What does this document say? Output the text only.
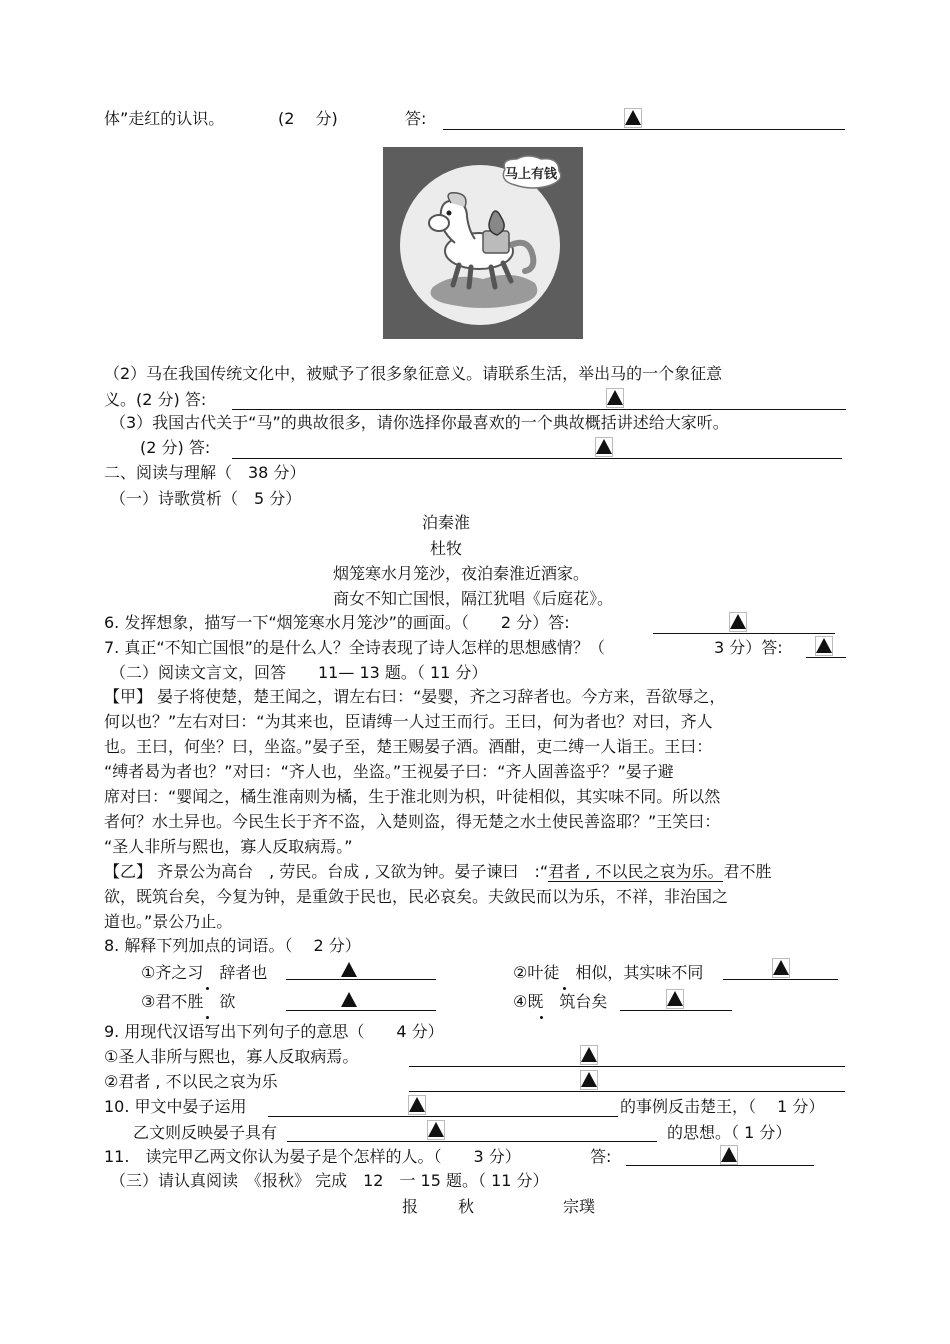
体”走红的认识。	(2　 分)	答:
马上有钱
（2）马在我国传统文化中，被赋予了很多象征意义。请联系生活，举出马的一个象征意
义。(2 分) 答:
（3）我国古代关于“马”的典故很多，请你选择你最喜欢的一个典故概括讲述给大家听。
(2 分) 答:
二、阅读与理解（　38 分）
（一）诗歌赏析（　5 分）
泊秦淮
杜牧
烟笼寒水月笼沙，夜泊秦淮近酒家。
商女不知亡国恨，隔江犹唱《后庭花》。
6. 发挥想象，描写一下“烟笼寒水月笼沙”的画面。（　　2 分）答:
7. 真正“不知亡国恨”的是什么人？全诗表现了诗人怎样的思想感情？（	3 分）答:
（二）阅读文言文，回答　　11— 13 题。（ 11 分）
【甲】 晏子将使楚，楚王闻之，谓左右曰：“晏婴，齐之习辞者也。今方来，吾欲辱之，
何以也？”左右对曰：“为其来也，臣请缚一人过王而行。王曰，何为者也？对曰，齐人
也。王曰，何坐？曰，坐盗。”晏子至，楚王赐晏子酒。酒酣，吏二缚一人诣王。王曰：
“缚者曷为者也？”对曰：“齐人也，坐盗。”王视晏子曰：“齐人固善盗乎？”晏子避
席对曰：“婴闻之，橘生淮南则为橘，生于淮北则为枳，叶徒相似，其实味不同。所以然
者何？水土异也。今民生长于齐不盗，入楚则盗，得无楚之水土使民善盗耶？”王笑曰：
“圣人非所与熙也，寡人反取病焉。”
【乙】 齐景公为高台　, 劳民。台成 , 又欲为钟。晏子谏曰　:“君者 , 不以民之哀为乐。君不胜
欲，既筑台矣，今复为钟，是重敛于民也，民必哀矣。夫敛民而以为乐，不祥，非治国之
道也。”景公乃止。
8. 解释下列加点的词语。（　 2 分）
①齐之习　辞者也	②叶徒　相似，其实味不同
③君不胜　欲	④既　筑台矣
9. 用现代汉语写出下列句子的意思（　　4 分）
①圣人非所与熙也，寡人反取病焉。
②君者 , 不以民之哀为乐
10. 甲文中晏子运用	的事例反击楚王，（　 1 分）
乙文则反映晏子具有	的思想。（ 1 分）
11.　读完甲乙两文你认为晏子是个怎样的人。（　　3 分）	答:
（三）请认真阅读　《报秋》 完成　12　一 15 题。（ 11 分）
报 秋	宗璞
